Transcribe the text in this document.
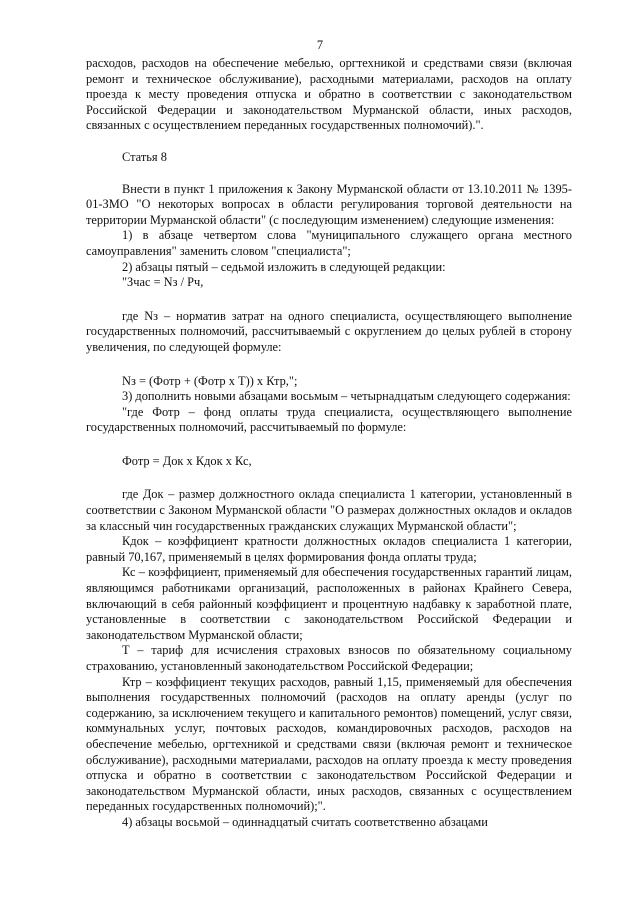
7

расходов, расходов на обеспечение мебелью, оргтехникой и средствами связи (включая ремонт и техническое обслуживание), расходными материалами, расходов на оплату проезда к месту проведения отпуска и обратно в соответствии с законодательством Российской Федерации и законодательством Мурманской области, иных расходов, связанных с осуществлением переданных государственных полномочий).".

Статья 8

Внести в пункт 1 приложения к Закону Мурманской области от 13.10.2011 № 1395-01-ЗМО "О некоторых вопросах в области регулирования торговой деятельности на территории Мурманской области" (с последующим изменением) следующие изменения:

1) в абзаце четвертом слова "муниципального служащего органа местного самоуправления" заменить словом "специалиста";

2) абзацы пятый – седьмой изложить в следующей редакции:

"Зчас = Nз / Рч,

где Nз – норматив затрат на одного специалиста, осуществляющего выполнение государственных полномочий, рассчитываемый с округлением до целых рублей в сторону увеличения, по следующей формуле:

Nз = (Фотр + (Фотр х Т)) х Ктр,";

3) дополнить новыми абзацами восьмым – четырнадцатым следующего содержания:

"где Фотр – фонд оплаты труда специалиста, осуществляющего выполнение государственных полномочий, рассчитываемый по формуле:

Фотр = Док х Кдок х Кс,

где Док – размер должностного оклада специалиста 1 категории, установленный в соответствии с Законом Мурманской области "О размерах должностных окладов и окладов за классный чин государственных гражданских служащих Мурманской области";

Кдок – коэффициент кратности должностных окладов специалиста 1 категории, равный 70,167, применяемый в целях формирования фонда оплаты труда;

Кс – коэффициент, применяемый для обеспечения государственных гарантий лицам, являющимся работниками организаций, расположенных в районах Крайнего Севера, включающий в себя районный коэффициент и процентную надбавку к заработной плате, установленные в соответствии с законодательством Российской Федерации и законодательством Мурманской области;

Т – тариф для исчисления страховых взносов по обязательному социальному страхованию, установленный законодательством Российской Федерации;

Ктр – коэффициент текущих расходов, равный 1,15, применяемый для обеспечения выполнения государственных полномочий (расходов на оплату аренды (услуг по содержанию, за исключением текущего и капитального ремонтов) помещений, услуг связи, коммунальных услуг, почтовых расходов, командировочных расходов, расходов на обеспечение мебелью, оргтехникой и средствами связи (включая ремонт и техническое обслуживание), расходными материалами, расходов на оплату проезда к месту проведения отпуска и обратно в соответствии с законодательством Российской Федерации и законодательством Мурманской области, иных расходов, связанных с осуществлением переданных государственных полномочий);".

4) абзацы восьмой – одиннадцатый считать соответственно абзацами
